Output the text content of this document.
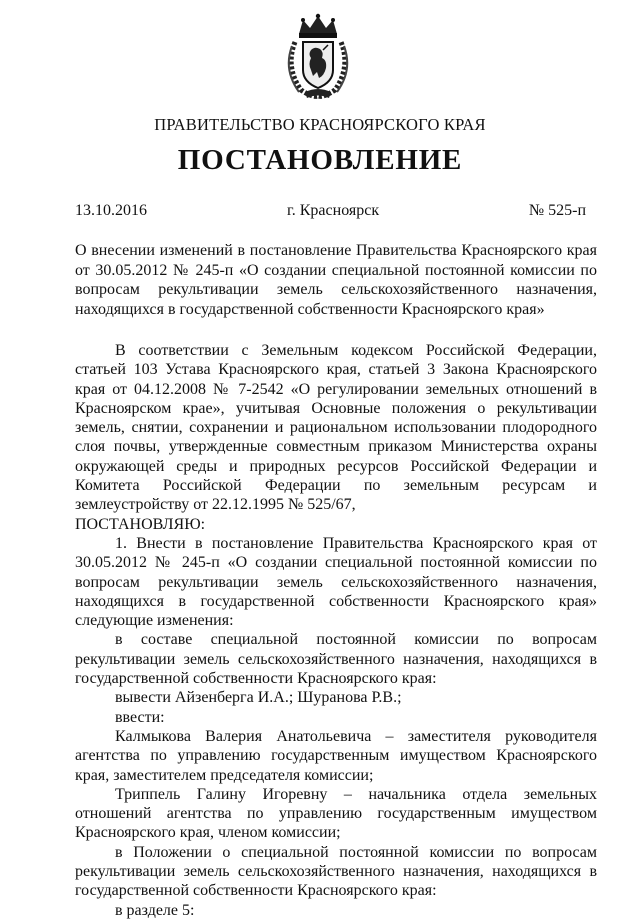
ПРАВИТЕЛЬСТВО КРАСНОЯРСКОГО КРАЯ
ПОСТАНОВЛЕНИЕ
13.10.2016	г. Красноярск	№ 525-п
О внесении изменений в постановление Правительства Красноярского края от 30.05.2012 № 245-п «О создании специальной постоянной комиссии по вопросам рекультивации земель сельскохозяйственного назначения, находящихся в государственной собственности Красноярского края»

В соответствии с Земельным кодексом Российской Федерации, статьей 103 Устава Красноярского края, статьей 3 Закона Красноярского края от 04.12.2008 № 7-2542 «О регулировании земельных отношений в Красноярском крае», учитывая Основные положения о рекультивации земель, снятии, сохранении и рациональном использовании плодородного слоя почвы, утвержденные совместным приказом Министерства охраны окружающей среды и природных ресурсов Российской Федерации и Комитета Российской Федерации по земельным ресурсам и землеустройству от 22.12.1995 № 525/67,

ПОСТАНОВЛЯЮ:

1. Внести в постановление Правительства Красноярского края от 30.05.2012 № 245-п «О создании специальной постоянной комиссии по вопросам рекультивации земель сельскохозяйственного назначения, находящихся в государственной собственности Красноярского края» следующие изменения:

в составе специальной постоянной комиссии по вопросам рекультивации земель сельскохозяйственного назначения, находящихся в государственной собственности Красноярского края:

вывести Айзенберга И.А.; Шуранова Р.В.;

ввести:

Калмыкова Валерия Анатольевича – заместителя руководителя агентства по управлению государственным имуществом Красноярского края, заместителем председателя комиссии;

Триппель Галину Игоревну – начальника отдела земельных отношений агентства по управлению государственным имуществом Красноярского края, членом комиссии;

в Положении о специальной постоянной комиссии по вопросам рекультивации земель сельскохозяйственного назначения, находящихся в государственной собственности Красноярского края:

в разделе 5:
